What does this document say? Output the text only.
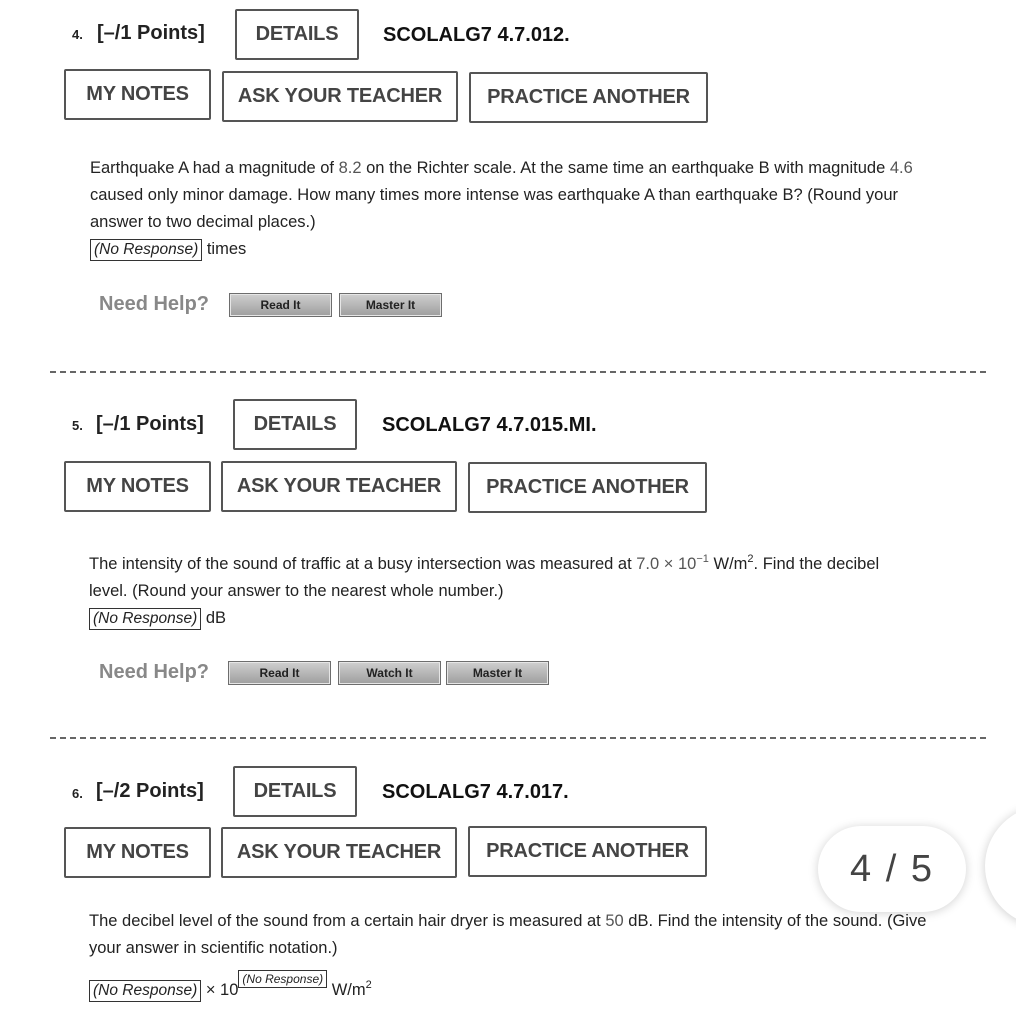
4. [–/1 Points]	DETAILS	SCOLALG7 4.7.012.
MY NOTES	ASK YOUR TEACHER	PRACTICE ANOTHER
Earthquake A had a magnitude of 8.2 on the Richter scale. At the same time an earthquake B with magnitude 4.6
caused only minor damage. How many times more intense was earthquake A than earthquake B? (Round your
answer to two decimal places.)
(No Response) times
Need Help?	Read It	Master It
5. [–/1 Points]	DETAILS	SCOLALG7 4.7.015.MI.
MY NOTES	ASK YOUR TEACHER	PRACTICE ANOTHER
The intensity of the sound of traffic at a busy intersection was measured at $7.0 \times 10^{-1}$ $W/m^2$. Find the decibel
level. (Round your answer to the nearest whole number.)
(No Response) dB
Need Help?	Read It	Watch It	Master It
6. [–/2 Points]	DETAILS	SCOLALG7 4.7.017.
MY NOTES	ASK YOUR TEACHER	PRACTICE ANOTHER
The decibel level of the sound from a certain hair dryer is measured at 50 dB. Find the intensity of the sound. (Give
your answer in scientific notation.)
(No Response) × 10(No Response) $W/m^2$
4 / 5
